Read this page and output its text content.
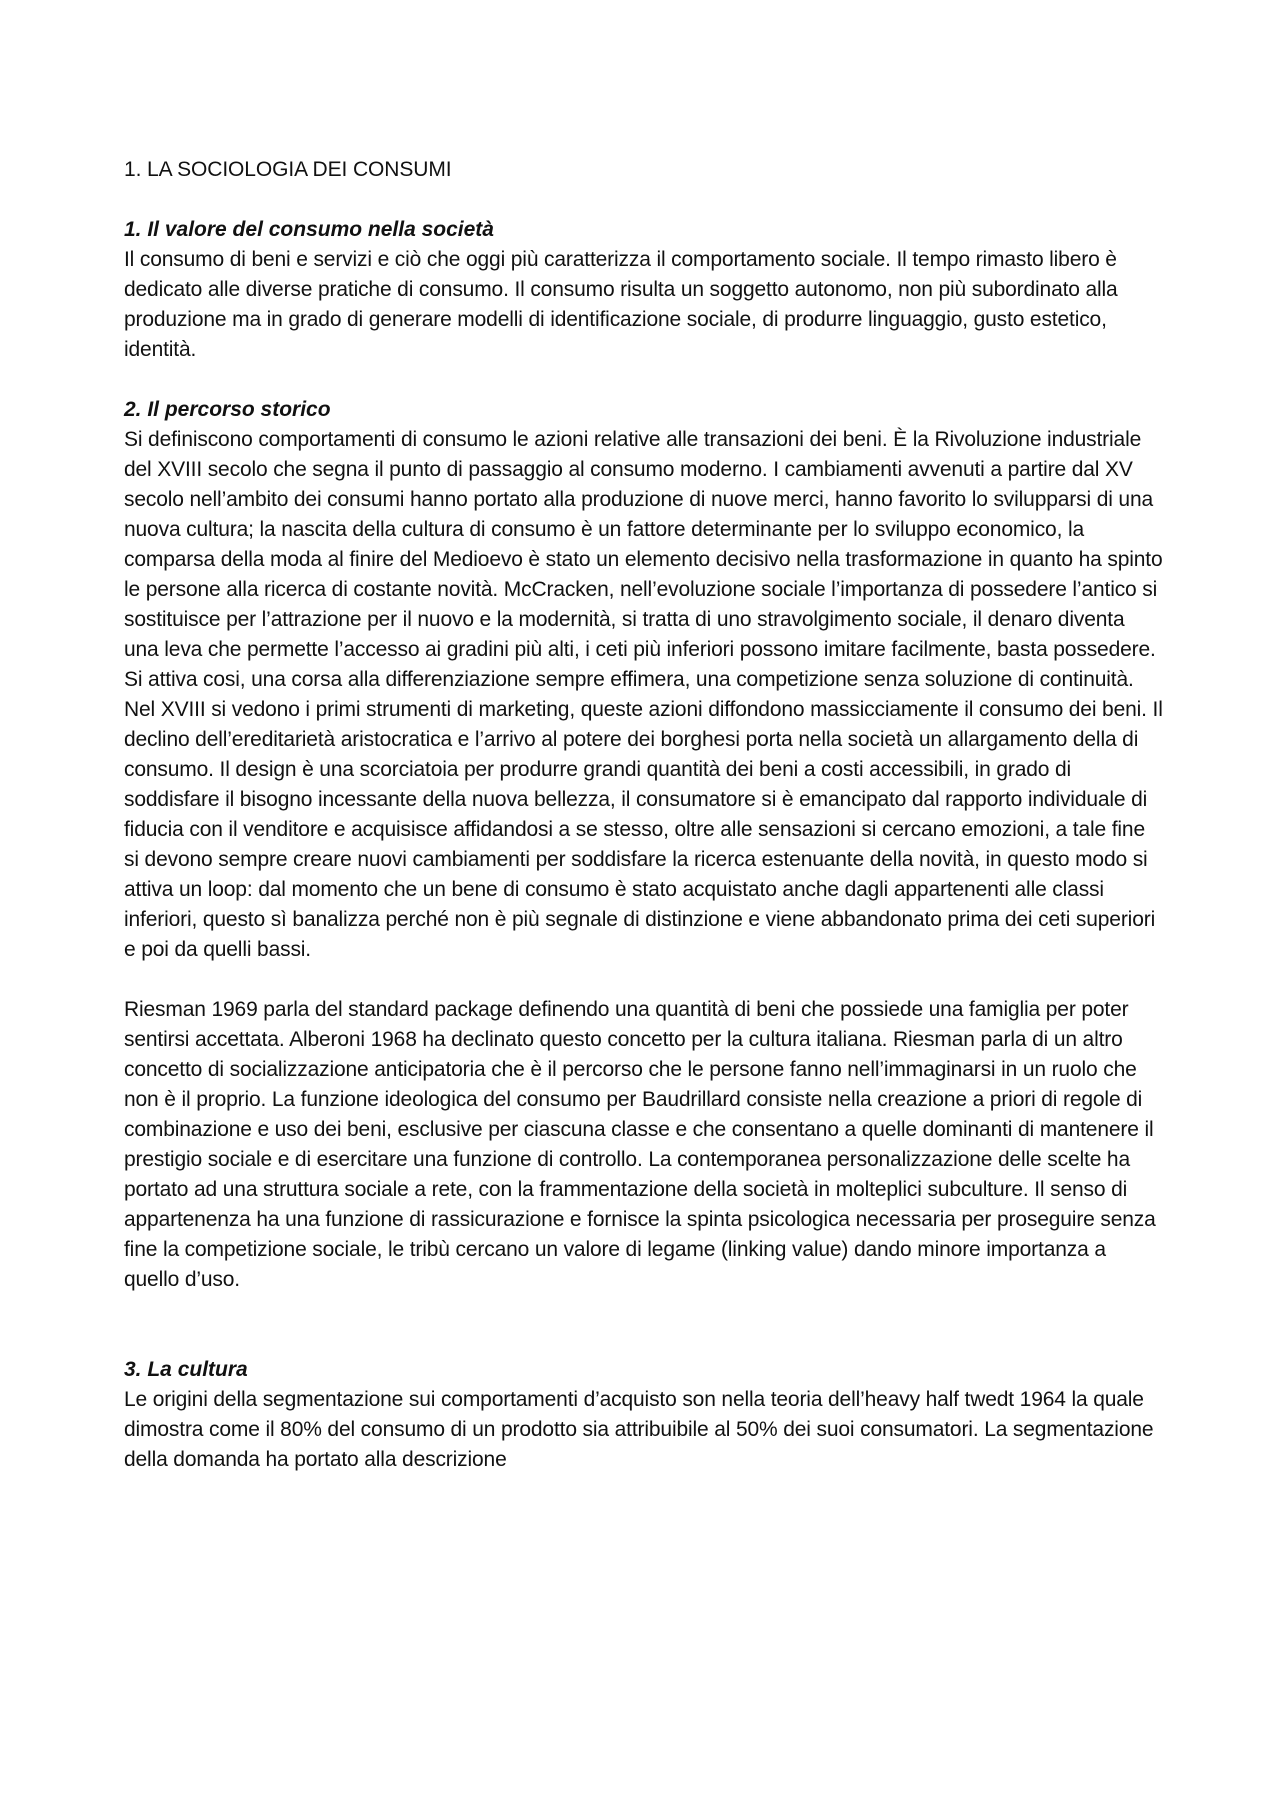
1. LA SOCIOLOGIA DEI CONSUMI
1. Il valore del consumo nella società

Il consumo di beni e servizi e ciò che oggi più caratterizza il comportamento sociale. Il tempo rimasto libero è dedicato alle diverse pratiche di consumo. Il consumo risulta un soggetto autonomo, non più subordinato alla produzione ma in grado di generare modelli di identificazione sociale, di produrre linguaggio, gusto estetico, identità.

2. Il percorso storico

Si definiscono comportamenti di consumo le azioni relative alle transazioni dei beni. È la Rivoluzione industriale del XVIII secolo che segna il punto di passaggio al consumo moderno. I cambiamenti avvenuti a partire dal XV secolo nell’ambito dei consumi hanno portato alla produzione di nuove merci, hanno favorito lo svilupparsi di una nuova cultura; la nascita della cultura di consumo è un fattore determinante per lo sviluppo economico, la comparsa della moda al finire del Medioevo è stato un elemento decisivo nella trasformazione in quanto ha spinto le persone alla ricerca di costante novità. McCracken, nell’evoluzione sociale l’importanza di possedere l’antico si sostituisce per l’attrazione per il nuovo e la modernità, si tratta di uno stravolgimento sociale, il denaro diventa una leva che permette l’accesso ai gradini più alti, i ceti più inferiori possono imitare facilmente, basta possedere. Si attiva cosi, una corsa alla differenziazione sempre effimera, una competizione senza soluzione di continuità. Nel XVIII si vedono i primi strumenti di marketing, queste azioni diffondono massicciamente il consumo dei beni. Il declino dell’ereditarietà aristocratica e l’arrivo al potere dei borghesi porta nella società un allargamento della di consumo. Il design è una scorciatoia per produrre grandi quantità dei beni a costi accessibili, in grado di soddisfare il bisogno incessante della nuova bellezza, il consumatore si è emancipato dal rapporto individuale di fiducia con il venditore e acquisisce affidandosi a se stesso, oltre alle sensazioni si cercano emozioni, a tale fine si devono sempre creare nuovi cambiamenti per soddisfare la ricerca estenuante della novità, in questo modo si attiva un loop: dal momento che un bene di consumo è stato acquistato anche dagli appartenenti alle classi inferiori, questo sì banalizza perché non è più segnale di distinzione e viene abbandonato prima dei ceti superiori e poi da quelli bassi.

Riesman 1969 parla del standard package definendo una quantità di beni che possiede una famiglia per poter sentirsi accettata. Alberoni 1968 ha declinato questo concetto per la cultura italiana. Riesman parla di un altro concetto di socializzazione anticipatoria che è il percorso che le persone fanno nell’immaginarsi in un ruolo che non è il proprio. La funzione ideologica del consumo per Baudrillard consiste nella creazione a priori di regole di combinazione e uso dei beni, esclusive per ciascuna classe e che consentano a quelle dominanti di mantenere il prestigio sociale e di esercitare una funzione di controllo. La contemporanea personalizzazione delle scelte ha portato ad una struttura sociale a rete, con la frammentazione della società in molteplici subculture. Il senso di appartenenza ha una funzione di rassicurazione e fornisce la spinta psicologica necessaria per proseguire senza fine la competizione sociale, le tribù cercano un valore di legame (linking value) dando minore importanza a quello d’uso.

3. La cultura

Le origini della segmentazione sui comportamenti d’acquisto son nella teoria dell’heavy half twedt 1964 la quale dimostra come il 80% del consumo di un prodotto sia attribuibile al 50% dei suoi consumatori. La segmentazione della domanda ha portato alla descrizione
